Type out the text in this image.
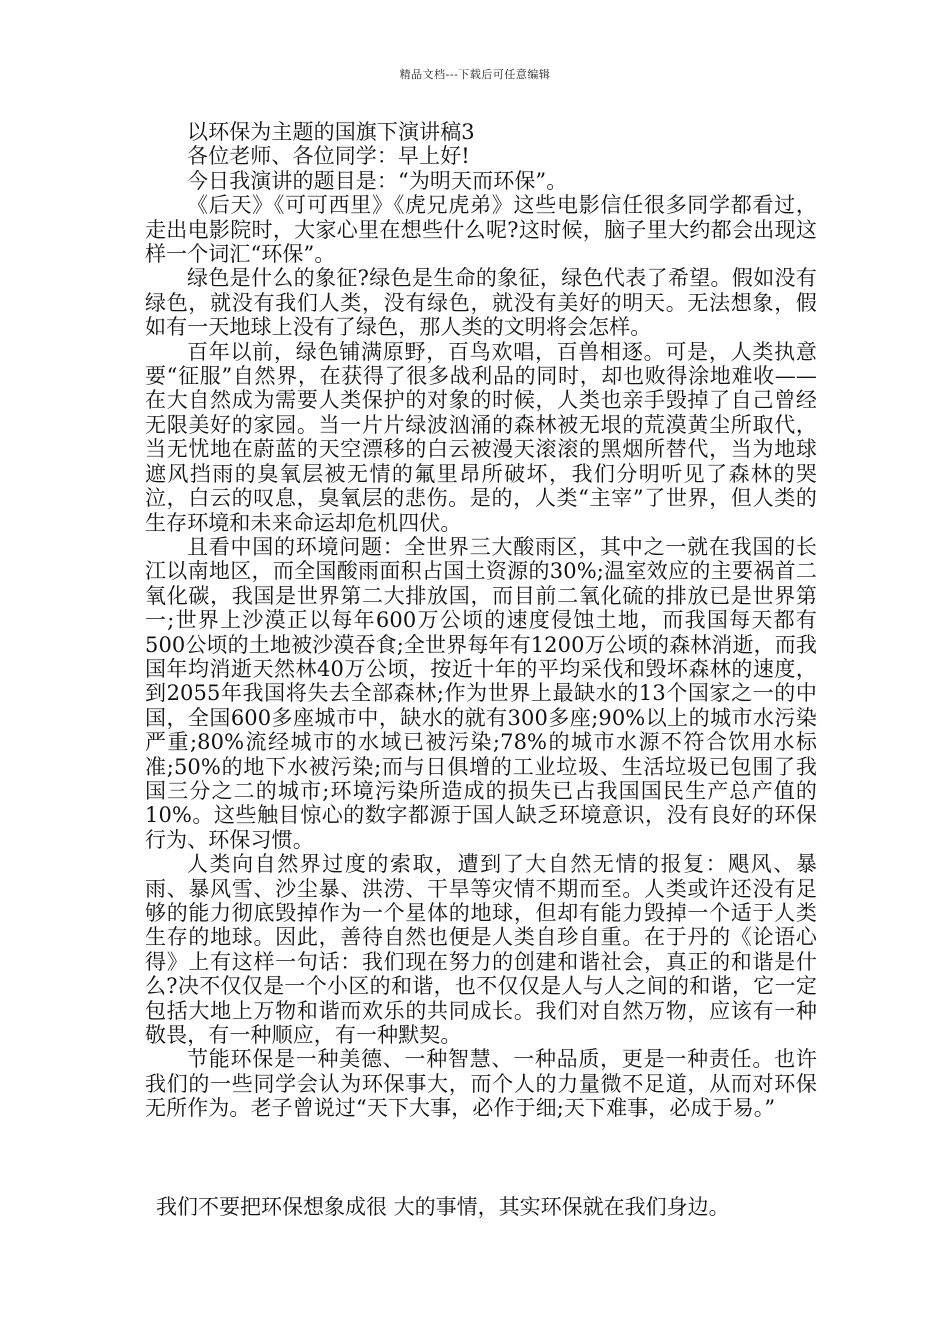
精品文档---下载后可任意编辑

以环保为主题的国旗下演讲稿3

各位老师、各位同学：早上好!

今日我演讲的题目是：“为明天而环保”。

《后天》《可可西里》《虎兄虎弟》这些电影信任很多同学都看过，走出电影院时，大家心里在想些什么呢?这时候，脑子里大约都会出现这样一个词汇“环保”。

绿色是什么的象征?绿色是生命的象征，绿色代表了希望。假如没有绿色，就没有我们人类，没有绿色，就没有美好的明天。无法想象，假如有一天地球上没有了绿色，那人类的文明将会怎样。

百年以前，绿色铺满原野，百鸟欢唱，百兽相逐。可是，人类执意要“征服”自然界，在获得了很多战利品的同时，却也败得涂地难收——在大自然成为需要人类保护的对象的时候，人类也亲手毁掉了自己曾经无限美好的家园。当一片片绿波汹涌的森林被无垠的荒漠黄尘所取代，当无忧地在蔚蓝的天空漂移的白云被漫天滚滚的黑烟所替代，当为地球遮风挡雨的臭氧层被无情的氟里昂所破坏，我们分明听见了森林的哭泣，白云的叹息，臭氧层的悲伤。是的，人类“主宰”了世界，但人类的生存环境和未来命运却危机四伏。

且看中国的环境问题：全世界三大酸雨区，其中之一就在我国的长江以南地区，而全国酸雨面积占国土资源的30%;温室效应的主要祸首二氧化碳，我国是世界第二大排放国，而目前二氧化硫的排放已是世界第一;世界上沙漠正以每年600万公顷的速度侵蚀土地，而我国每天都有500公顷的土地被沙漠吞食;全世界每年有1200万公顷的森林消逝，而我国年均消逝天然林40万公顷，按近十年的平均采伐和毁坏森林的速度，到2055年我国将失去全部森林;作为世界上最缺水的13个国家之一的中国，全国600多座城市中，缺水的就有300多座;90%以上的城市水污染严重;80%流经城市的水域已被污染;78%的城市水源不符合饮用水标准;50%的地下水被污染;而与日俱增的工业垃圾、生活垃圾已包围了我国三分之二的城市;环境污染所造成的损失已占我国国民生产总产值的10%。这些触目惊心的数字都源于国人缺乏环境意识，没有良好的环保行为、环保习惯。

人类向自然界过度的索取，遭到了大自然无情的报复：飓风、暴雨、暴风雪、沙尘暴、洪涝、干旱等灾情不期而至。人类或许还没有足够的能力彻底毁掉作为一个星体的地球，但却有能力毁掉一个适于人类生存的地球。因此，善待自然也便是人类自珍自重。在于丹的《论语心得》上有这样一句话：我们现在努力的创建和谐社会，真正的和谐是什么?决不仅仅是一个小区的和谐，也不仅仅是人与人之间的和谐，它一定包括大地上万物和谐而欢乐的共同成长。我们对自然万物，应该有一种敬畏，有一种顺应，有一种默契。

节能环保是一种美德、一种智慧、一种品质，更是一种责任。也许我们的一些同学会认为环保事大，而个人的力量微不足道，从而对环保无所作为。老子曾说过“天下大事，必作于细;天下难事，必成于易。”

我们不要把环保想象成很 大的事情，其实环保就在我们身边。
